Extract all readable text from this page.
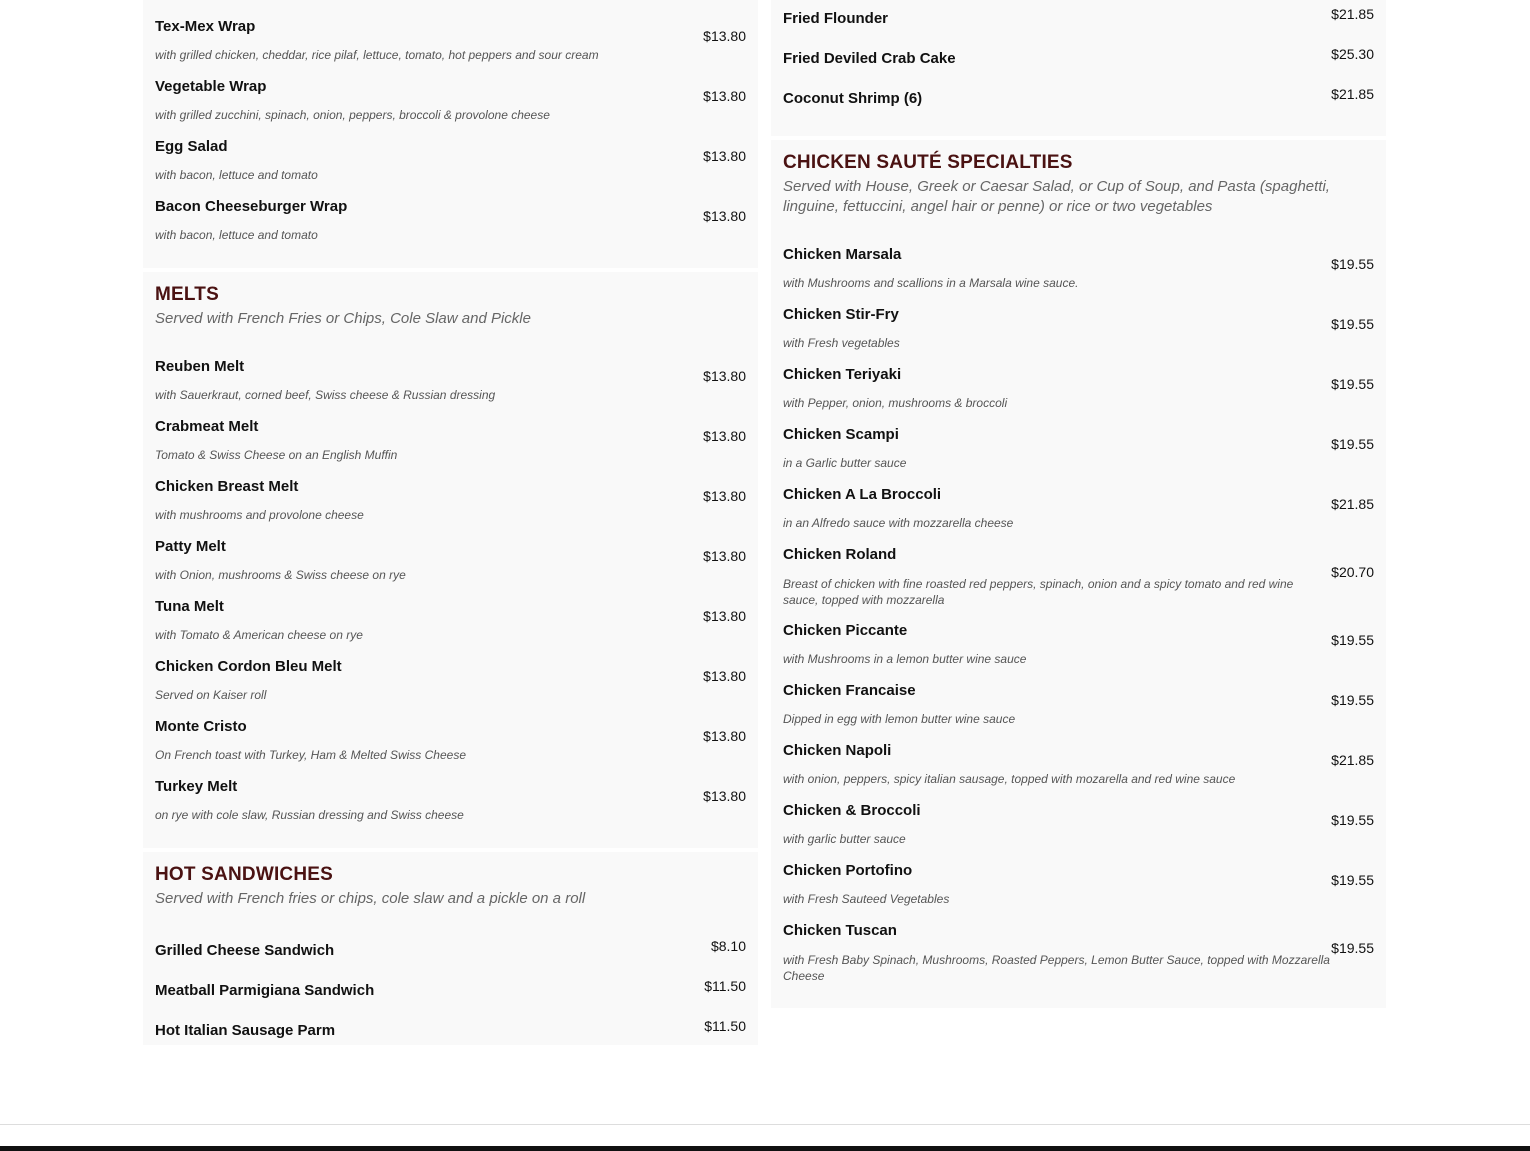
Tex-Mex Wrap
with grilled chicken, cheddar, rice pilaf, lettuce, tomato, hot peppers and sour cream
$13.80
Vegetable Wrap
with grilled zucchini, spinach, onion, peppers, broccoli & provolone cheese
$13.80
Egg Salad
with bacon, lettuce and tomato
$13.80
Bacon Cheeseburger Wrap
with bacon, lettuce and tomato
$13.80
MELTS
Served with French Fries or Chips, Cole Slaw and Pickle
Reuben Melt
with Sauerkraut, corned beef, Swiss cheese & Russian dressing
$13.80
Crabmeat Melt
Tomato & Swiss Cheese on an English Muffin
$13.80
Chicken Breast Melt
with mushrooms and provolone cheese
$13.80
Patty Melt
with Onion, mushrooms & Swiss cheese on rye
$13.80
Tuna Melt
with Tomato & American cheese on rye
$13.80
Chicken Cordon Bleu Melt
Served on Kaiser roll
$13.80
Monte Cristo
On French toast with Turkey, Ham & Melted Swiss Cheese
$13.80
Turkey Melt
on rye with cole slaw, Russian dressing and Swiss cheese
$13.80
HOT SANDWICHES
Served with French fries or chips, cole slaw and a pickle on a roll
Grilled Cheese Sandwich	$8.10
Meatball Parmigiana Sandwich	$11.50
Hot Italian Sausage Parm	$11.50
Fried Flounder	$21.85
Fried Deviled Crab Cake	$25.30
Coconut Shrimp (6)	$21.85
CHICKEN SAUTÉ SPECIALTIES
Served with House, Greek or Caesar Salad, or Cup of Soup, and Pasta (spaghetti, linguine, fettuccini, angel hair or penne) or rice or two vegetables
Chicken Marsala
with Mushrooms and scallions in a Marsala wine sauce.
$19.55
Chicken Stir-Fry
with Fresh vegetables
$19.55
Chicken Teriyaki
with Pepper, onion, mushrooms & broccoli
$19.55
Chicken Scampi
in a Garlic butter sauce
$19.55
Chicken A La Broccoli
in an Alfredo sauce with mozzarella cheese
$21.85
Chicken Roland
Breast of chicken with fine roasted red peppers, spinach, onion and a spicy tomato and red wine sauce, topped with mozzarella
$20.70
Chicken Piccante
with Mushrooms in a lemon butter wine sauce
$19.55
Chicken Francaise
Dipped in egg with lemon butter wine sauce
$19.55
Chicken Napoli
with onion, peppers, spicy italian sausage, topped with mozarella and red wine sauce
$21.85
Chicken & Broccoli
with garlic butter sauce
$19.55
Chicken Portofino
with Fresh Sauteed Vegetables
$19.55
Chicken Tuscan
with Fresh Baby Spinach, Mushrooms, Roasted Peppers, Lemon Butter Sauce, topped with Mozzarella Cheese
$19.55
